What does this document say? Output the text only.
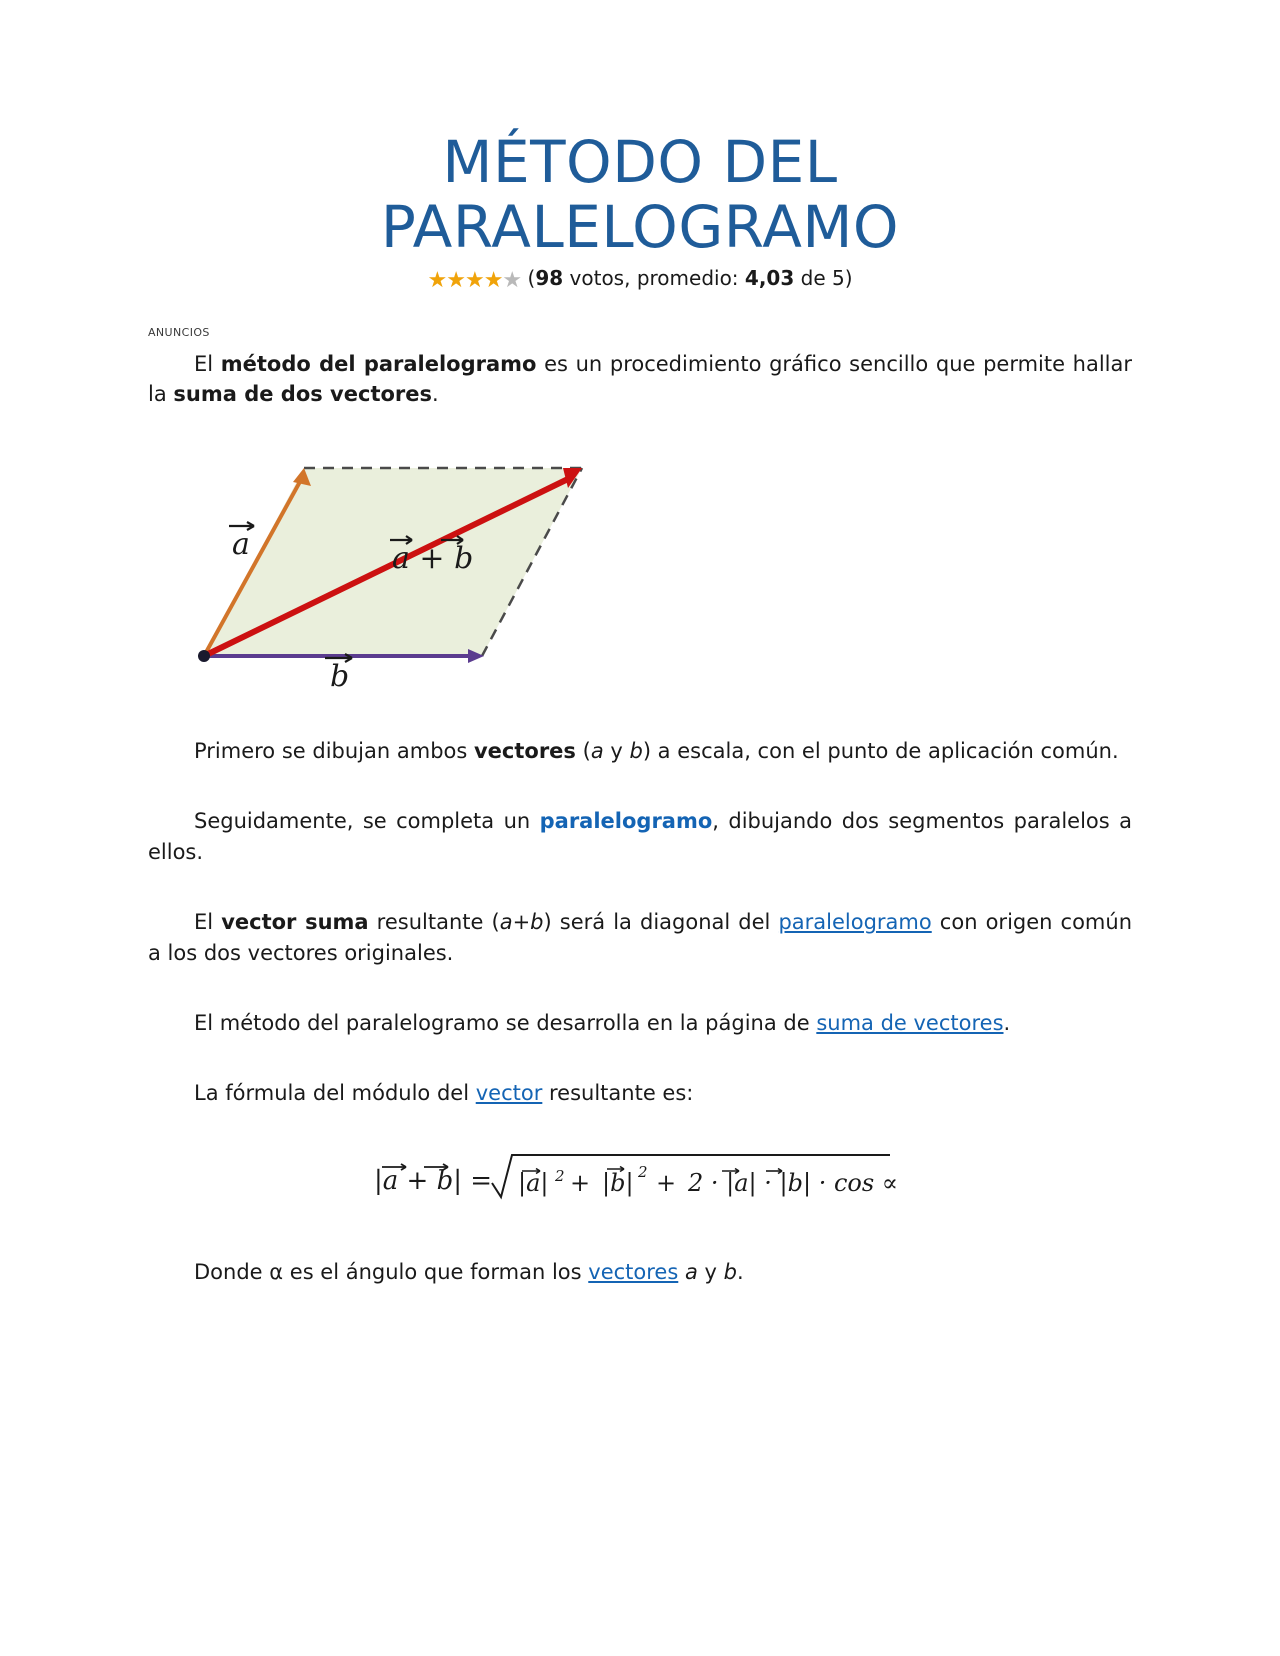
MÉTODO DEL
PARALELOGRAMO
★★★★★ (98 votos, promedio: 4,03 de 5)
ANUNCIOS

El método del paralelogramo es un procedimiento gráfico sencillo que permite hallar la suma de dos vectores.

a
b
a + b

Primero se dibujan ambos vectores (a y b) a escala, con el punto de aplicación común.

Seguidamente, se completa un paralelogramo, dibujando dos segmentos paralelos a ellos.

El vector suma resultante (a+b) será la diagonal del paralelogramo con origen común a los dos vectores originales.

El método del paralelogramo se desarrolla en la página de suma de vectores.

La fórmula del módulo del vector resultante es:

|a + b| = |a| 2 + |b| 2 + 2 · |a| · |b| · cos ∝

Donde α es el ángulo que forman los vectores a y b.
